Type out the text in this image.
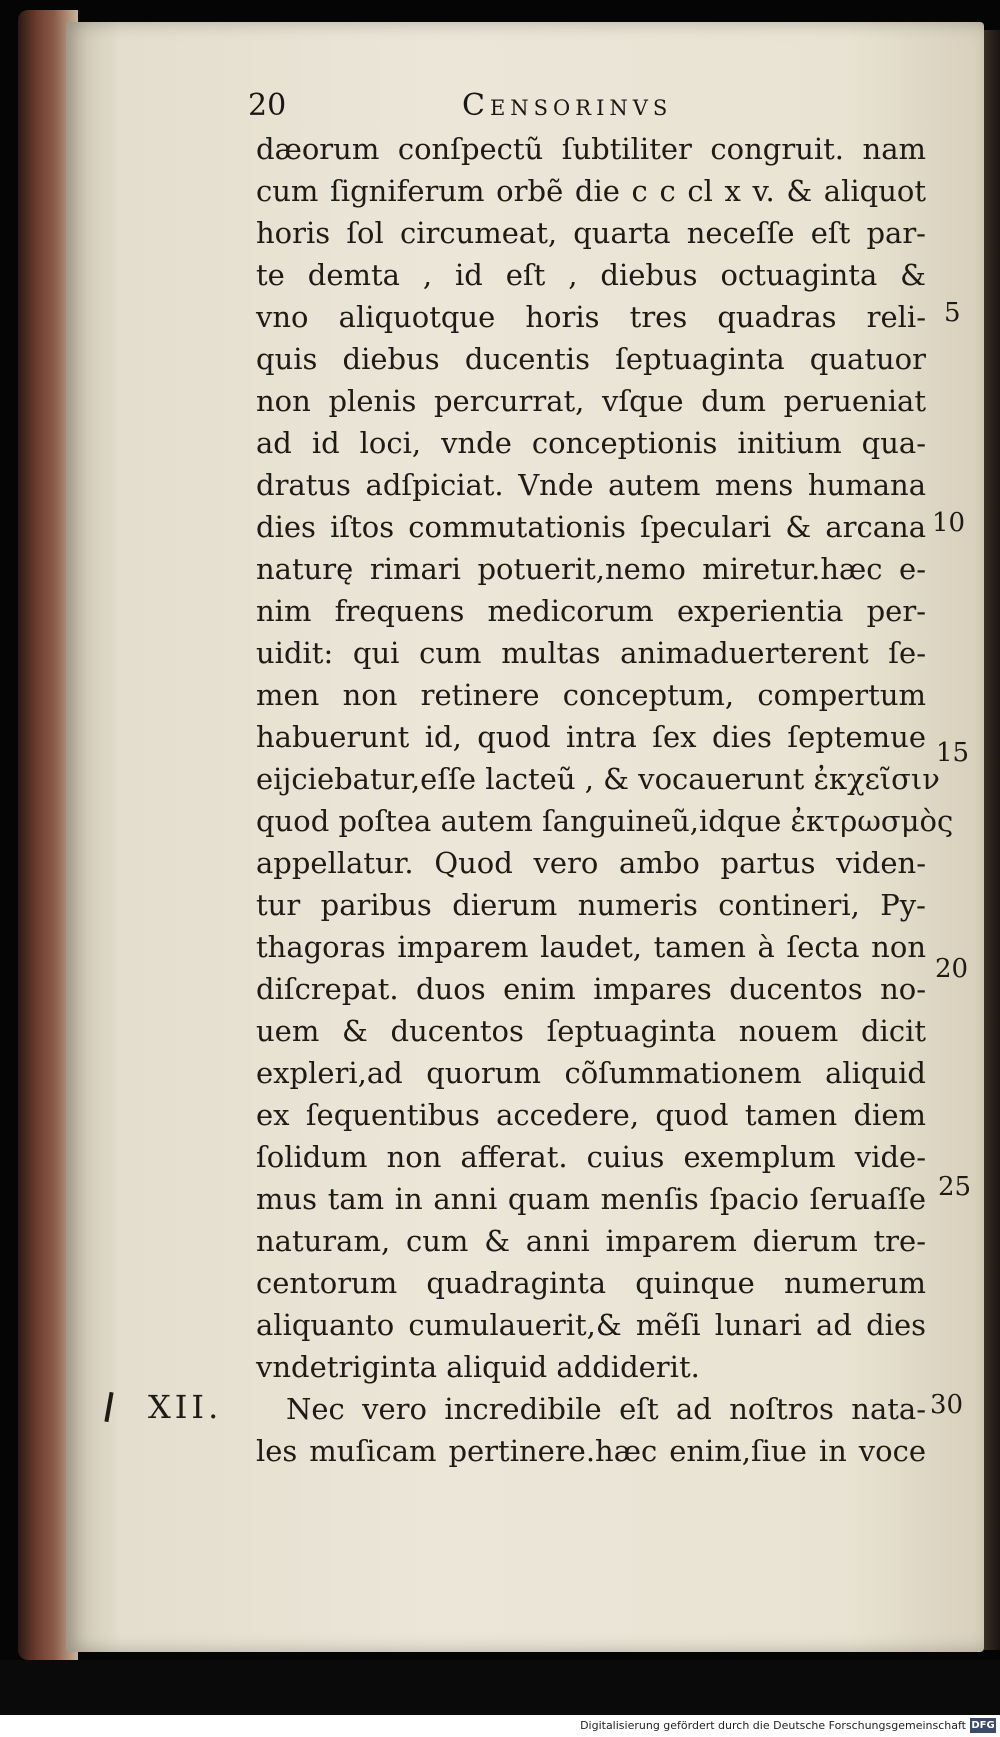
20	Censorinvs
dæorum conſpectũ ſubtiliter congruit. nam
cum ſigniferum orbẽ die c c cl x v. & aliquot
horis ſol circumeat, quarta neceſſe eſt par-
te demta , id eſt , diebus octuaginta &
vno aliquotque horis tres quadras reli-
quis diebus ducentis ſeptuaginta quatuor
non plenis percurrat, vſque dum perueniat
ad id loci, vnde conceptionis initium qua-
dratus adſpiciat. Vnde autem mens humana
dies iſtos commutationis ſpeculari & arcana
naturę rimari potuerit,nemo miretur.hæc e-
nim frequens medicorum experientia per-
uidit: qui cum multas animaduerterent ſe-
men non retinere conceptum, compertum
habuerunt id, quod intra ſex dies ſeptemue
eijciebatur,eſſe lacteũ , & vocauerunt ἐκχεῖσιν
quod poſtea autem ſanguineũ,idque ἐκτρωσμὸς
appellatur. Quod vero ambo partus viden-
tur paribus dierum numeris contineri, Py-
thagoras imparem laudet, tamen à ſecta non
diſcrepat. duos enim impares ducentos no-
uem & ducentos ſeptuaginta nouem dicit
expleri,ad quorum cõſummationem aliquid
ex ſequentibus accedere, quod tamen diem
ſolidum non afferat. cuius exemplum vide-
mus tam in anni quam menſis ſpacio ſeruaſſe
naturam, cum & anni imparem dierum tre-
centorum quadraginta quinque numerum
aliquanto cumulauerit,& mẽſi lunari ad dies
vndetriginta aliquid addiderit.
Nec vero incredibile eſt ad noſtros nata-
les muſicam pertinere.hæc enim,ſiue in voce
5
10
15
20
25
30
XII.
Digitalisierung gefördert durch die Deutsche Forschungsgemeinschaft DFG
